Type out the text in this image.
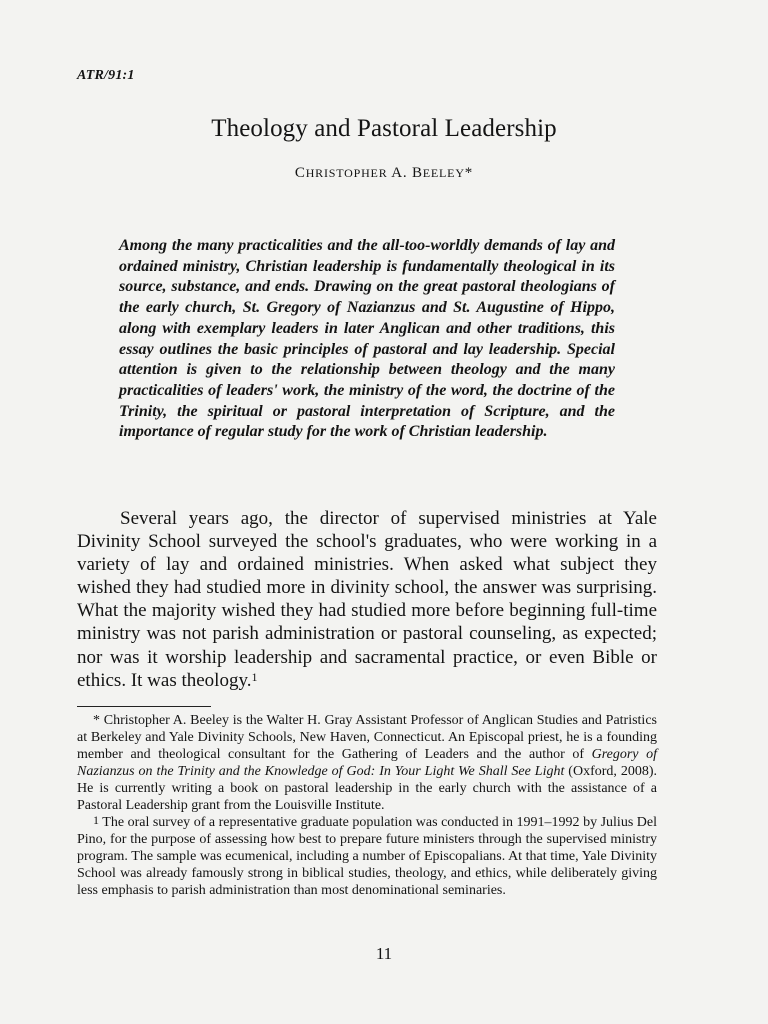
ATR/91:1
Theology and Pastoral Leadership
Christopher A. Beeley*

Among the many practicalities and the all-too-worldly demands of lay and ordained ministry, Christian leadership is fundamentally theological in its source, substance, and ends. Drawing on the great pastoral theologians of the early church, St. Gregory of Nazianzus and St. Augustine of Hippo, along with exemplary leaders in later Anglican and other traditions, this essay outlines the basic principles of pastoral and lay leadership. Special attention is given to the relationship between theology and the many practicalities of leaders' work, the ministry of the word, the doctrine of the Trinity, the spiritual or pastoral interpretation of Scripture, and the importance of regular study for the work of Christian leadership.

Several years ago, the director of supervised ministries at Yale Divinity School surveyed the school's graduates, who were working in a variety of lay and ordained ministries. When asked what subject they wished they had studied more in divinity school, the answer was surprising. What the majority wished they had studied more before beginning full-time ministry was not parish administration or pastoral counseling, as expected; nor was it worship leadership and sacramental practice, or even Bible or ethics. It was theology.$^1$

* Christopher A. Beeley is the Walter H. Gray Assistant Professor of Anglican Studies and Patristics at Berkeley and Yale Divinity Schools, New Haven, Connecticut. An Episcopal priest, he is a founding member and theological consultant for the Gathering of Leaders and the author of Gregory of Nazianzus on the Trinity and the Knowledge of God: In Your Light We Shall See Light (Oxford, 2008). He is currently writing a book on pastoral leadership in the early church with the assistance of a Pastoral Leadership grant from the Louisville Institute.

1 The oral survey of a representative graduate population was conducted in 1991–1992 by Julius Del Pino, for the purpose of assessing how best to prepare future ministers through the supervised ministry program. The sample was ecumenical, including a number of Episcopalians. At that time, Yale Divinity School was already famously strong in biblical studies, theology, and ethics, while deliberately giving less emphasis to parish administration than most denominational seminaries.

11
